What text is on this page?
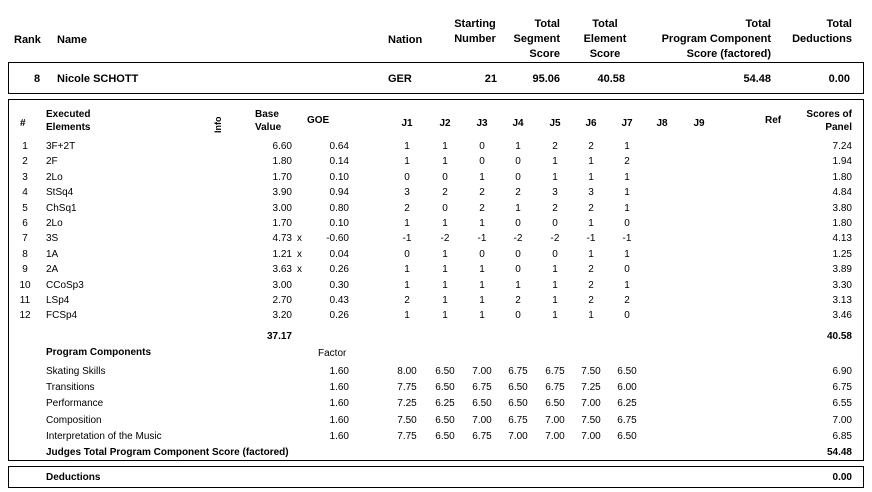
Rank Name	Nation
Starting
Number
Total
Segment
Score
Total
Element
Score
Total
Program Component
Score (factored)
Total
Deductions
8 Nicole SCHOTT	GER	21	95.06	40.58	54.48	0.00
#
Executed
Elements	Info
Base
Value
GOE	J1	J2	J3	J4	J5	J6	J7	J8	J9	Ref
Scores of
Panel
1	3F+2T	6.60	0.64	1	1	0	1	2	2	1	7.24
2	2F	1.80	0.14	1	1	0	0	1	1	2	1.94
3	2Lo	1.70	0.10	0	0	1	0	1	1	1	1.80
4	StSq4	3.90	0.94	3	2	2	2	3	3	1	4.84
5	ChSq1	3.00	0.80	2	0	2	1	2	2	1	3.80
6	2Lo	1.70	0.10	1	1	1	0	0	1	0	1.80
7	3S	4.73 x	-0.60	-1	-2	-1	-2	-2	-1	-1	4.13
8	1A	1.21 x	0.04	0	1	0	0	0	1	1	1.25
9	2A	3.63 x	0.26	1	1	1	0	1	2	0	3.89
10	CCoSp3	3.00	0.30	1	1	1	1	1	2	1	3.30
11	LSp4	2.70	0.43	2	1	1	2	1	2	2	3.13
12	FCSp4	3.20	0.26	1	1	1	0	1	1	0	3.46
37.17	40.58
Program Components	Factor
Skating Skills	1.60	8.00	6.50	7.00	6.75	6.75	7.50	6.50	6.90
Transitions	1.60	7.75	6.50	6.75	6.50	6.75	7.25	6.00	6.75
Performance	1.60	7.25	6.25	6.50	6.50	6.50	7.00	6.25	6.55
Composition	1.60	7.50	6.50	7.00	6.75	7.00	7.50	6.75	7.00
Interpretation of the Music	1.60	7.75	6.50	6.75	7.00	7.00	7.00	6.50	6.85
Judges Total Program Component Score (factored)	54.48
Deductions	0.00
